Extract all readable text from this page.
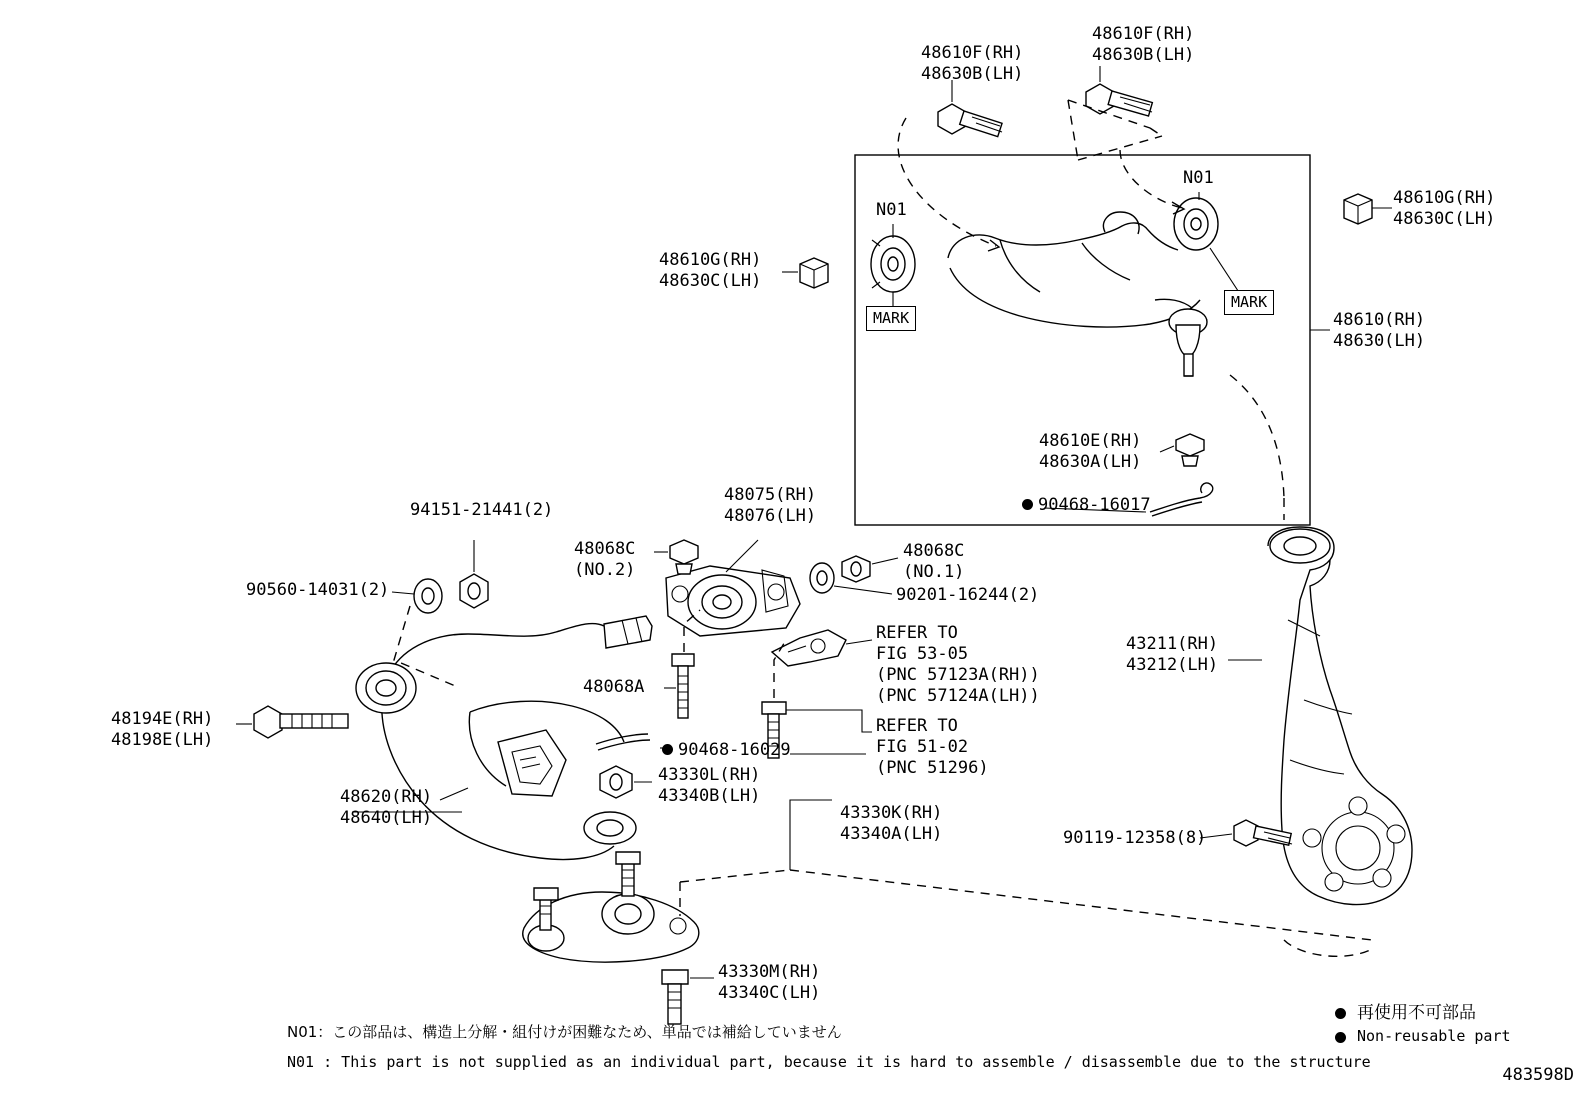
48610F(RH)
48630B(LH)
48610F(RH)
48630B(LH)
48610G(RH)
48630C(LH)
48610G(RH)
48630C(LH)
48610(RH)
48630(LH)
48610E(RH)
48630A(LH)
90468-16017
N01
N01
MARK
MARK
94151-21441(2)
90560-14031(2)
48068C
(NO.2)
48075(RH)
48076(LH)
48068C
(NO.1)
90201-16244(2)
REFER TO
FIG 53-05
(PNC 57123A(RH))
(PNC 57124A(LH))
REFER TO
FIG 51-02
(PNC 51296)
48068A
48194E(RH)
48198E(LH)
48620(RH)
48640(LH)
90468-16029
43330L(RH)
43340B(LH)
43330K(RH)
43340A(LH)
43330M(RH)
43340C(LH)
43211(RH)
43212(LH)
90119-12358(8)
再使用不可部品
Non-reusable part
N01：この部品は、構造上分解・組付けが困難なため、単品では補給していません
N01 : This part is not supplied as an individual part, because it is hard to assemble / disassemble due to the structure
483598D
